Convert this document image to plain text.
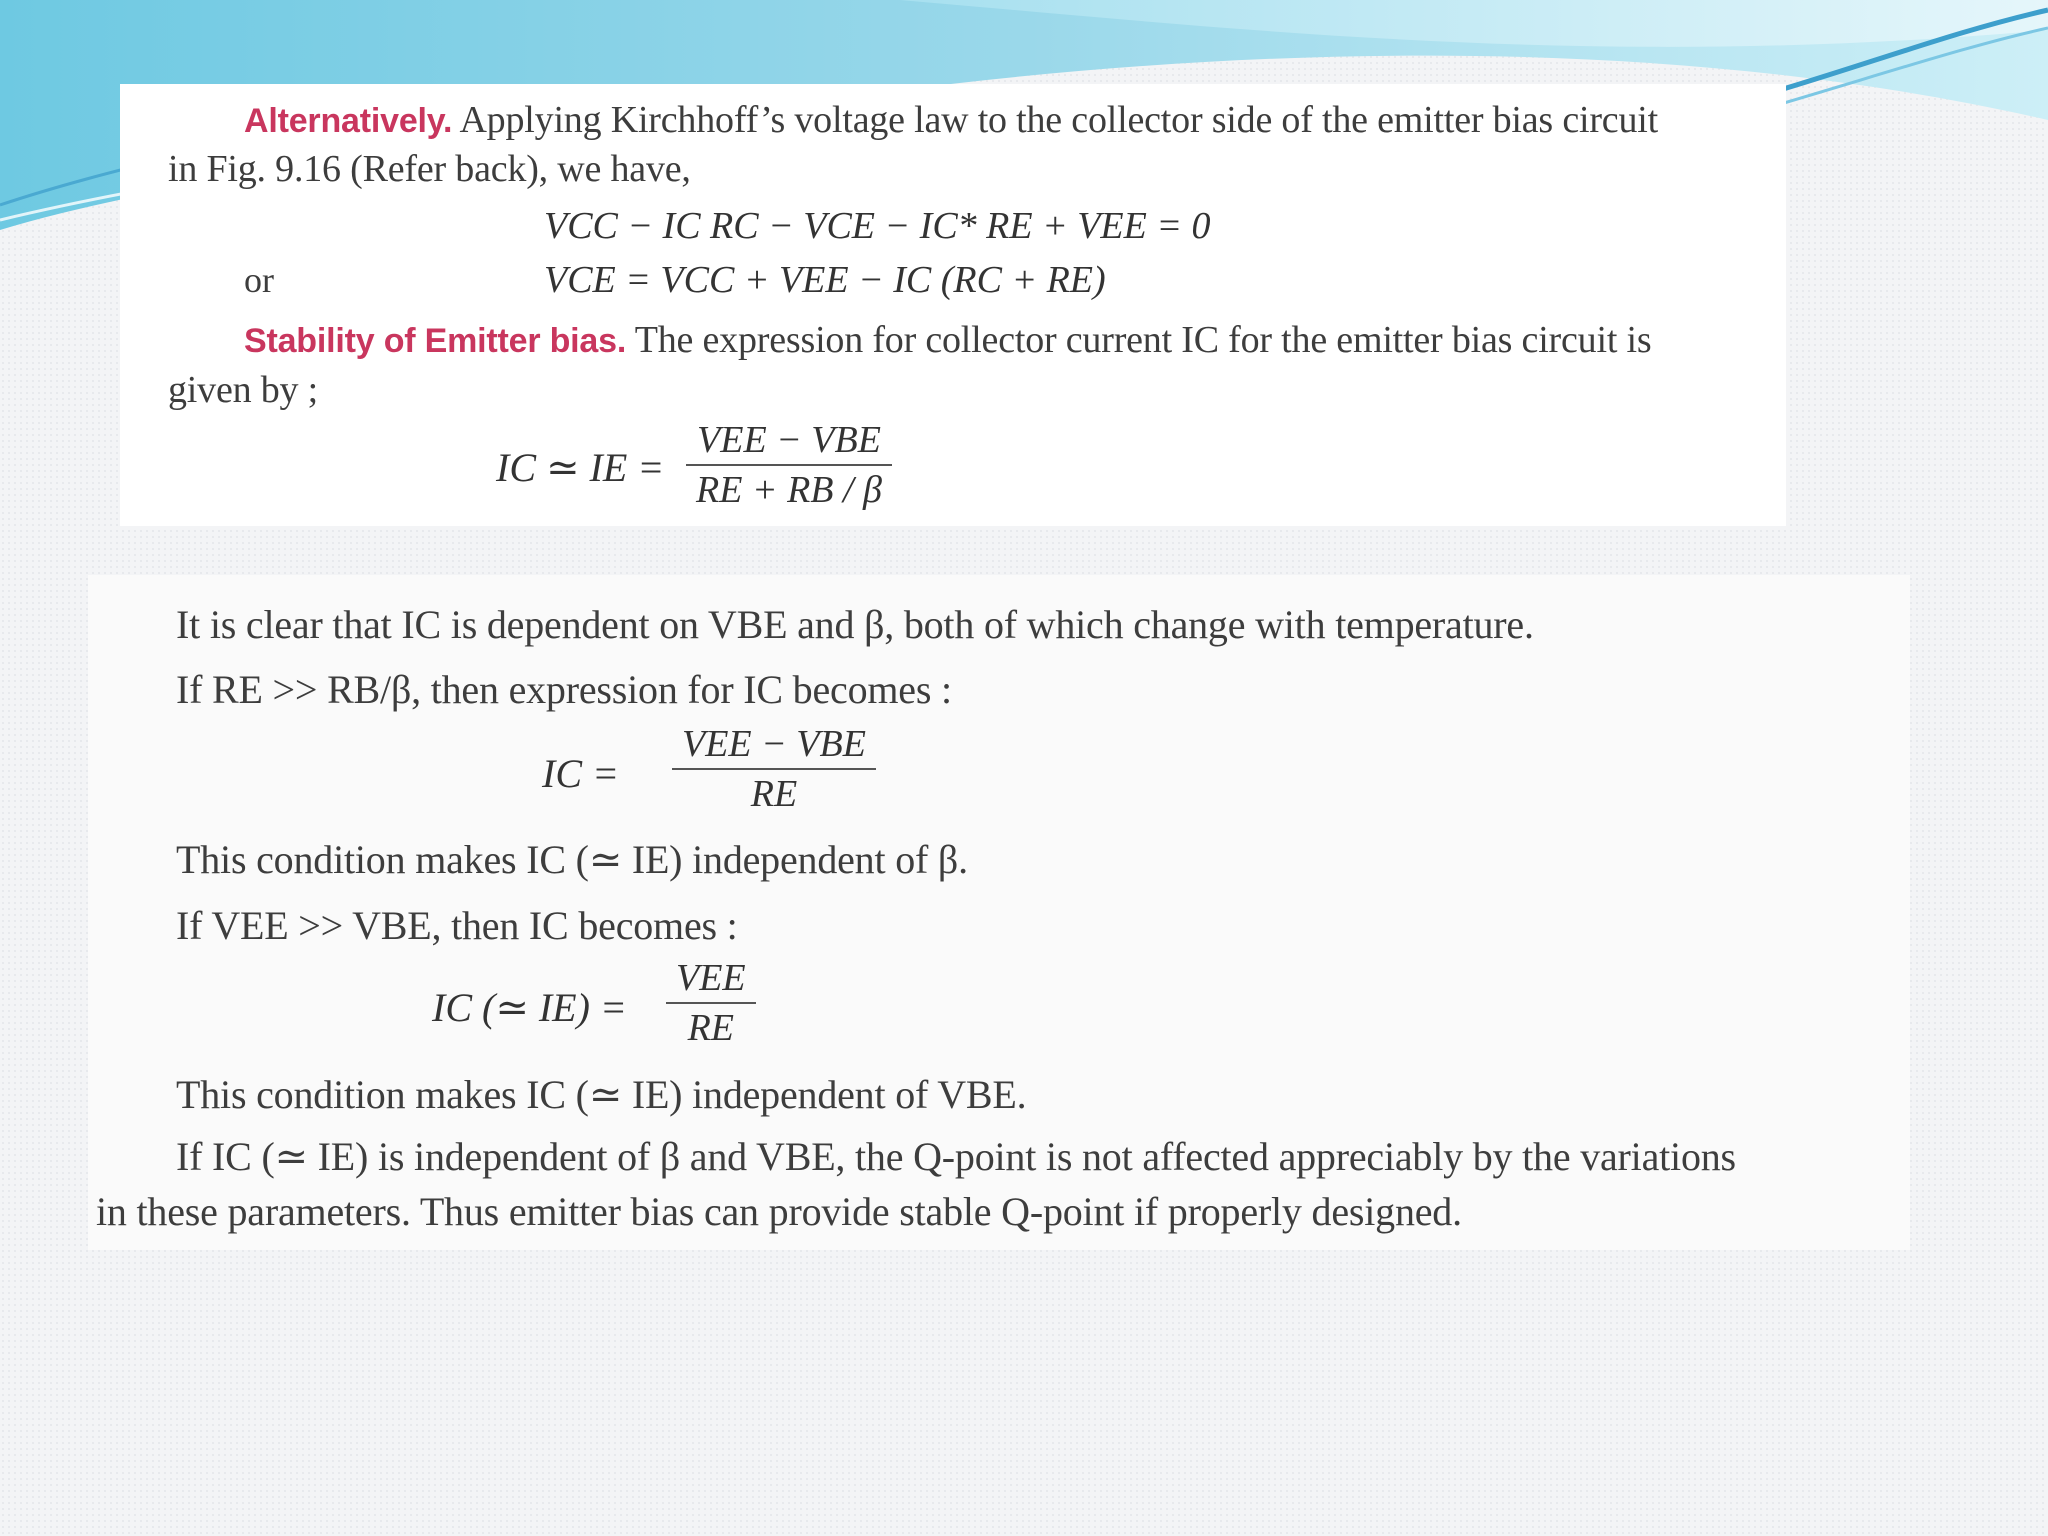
Alternatively. Applying Kirchhoff’s voltage law to the collector side of the emitter bias circuit
in Fig. 9.16 (Refer back), we have,
VCC − IC RC − VCE − IC* RE + VEE = 0
or	VCE = VCC + VEE − IC (RC + RE)
Stability of Emitter bias. The expression for collector current IC for the emitter bias circuit is
given by ;
IC ≃ IE =
VEE − VBE
RE + RB / β
It is clear that IC is dependent on VBE and β, both of which change with temperature.
If RE >> RB/β, then expression for IC becomes :
IC =
VEE − VBE
RE
This condition makes IC (≃ IE) independent of β.
If VEE >> VBE, then IC becomes :
IC (≃ IE) =
VEE
RE
This condition makes IC (≃ IE) independent of VBE.
If IC (≃ IE) is independent of β and VBE, the Q-point is not affected appreciably by the variations
in these parameters. Thus emitter bias can provide stable Q-point if properly designed.
